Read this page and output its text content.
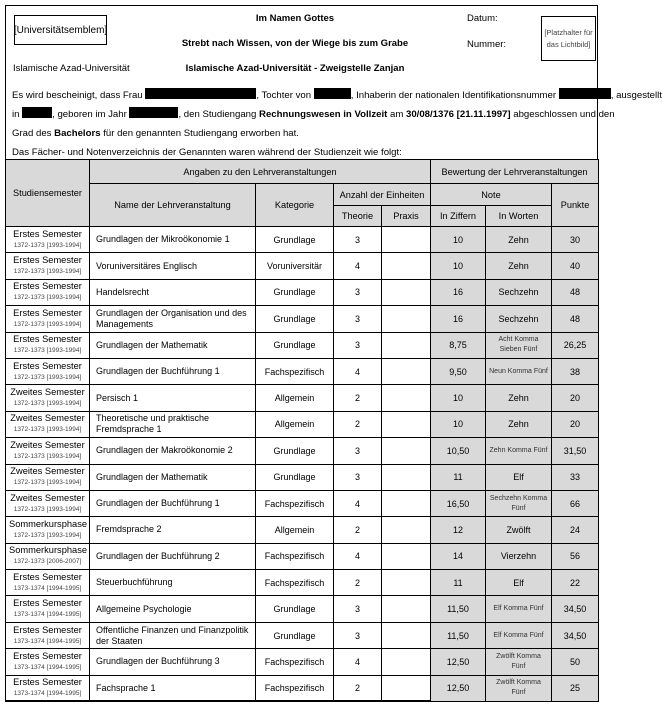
[Universitätsemblem]
Islamische Azad-Universität
Im Namen Gottes
Strebt nach Wissen, von der Wiege bis zum Grabe
Islamische Azad-Universität - Zweigstelle Zanjan
Datum:
Nummer:
[Platzhalter für das Lichtbild]
Es wird bescheinigt, dass Frau	, Tochter von	, Inhaberin der nationalen Identifikationsnummer	, ausgestellt
in	, geboren im Jahr	, den Studiengang Rechnungswesen in Vollzeit am 30/08/1376 [21.11.1997] abgeschlossen und den
Grad des Bachelors für den genannten Studiengang erworben hat.
Das Fächer- und Notenverzeichnis der Genannten waren während der Studienzeit wie folgt:
Studiensemester	Angaben zu den Lehrveranstaltungen				Bewertung der Lehrveranstaltungen		
	Name der Lehrveranstaltung	Kategorie	Anzahl der Einheiten		Note		Punkte
			Theorie	Praxis	In Ziffern	In Worten	

Erstes Semester
1372-1373 [1993-1994]	Grundlagen der Mikroökonomie 1	Grundlage	3		10	Zehn	30

Erstes Semester
1372-1373 [1993-1994]	Voruniversitäres Englisch	Voruniversitär	4		10	Zehn	40

Erstes Semester
1372-1373 [1993-1994]	Handelsrecht	Grundlage	3		16	Sechzehn	48

Erstes Semester
1372-1373 [1993-1994]	Grundlagen der Organisation und des Managements	Grundlage	3		16	Sechzehn	48

Erstes Semester
1372-1373 [1993-1994]	Grundlagen der Mathematik	Grundlage	3		8,75	Acht Komma Sieben Fünf	26,25

Erstes Semester
1372-1373 [1993-1994]	Grundlagen der Buchführung 1	Fachspezifisch	4		9,50	Neun Komma Fünf	38

Zweites Semester
1372-1373 [1993-1994]	Persisch 1	Allgemein	2		10	Zehn	20

Zweites Semester
1372-1373 [1993-1994]	Theoretische und praktische Fremdsprache 1	Allgemein	2		10	Zehn	20

Zweites Semester
1372-1373 [1993-1994]	Grundlagen der Makroökonomie 2	Grundlage	3		10,50	Zehn Komma Fünf	31,50

Zweites Semester
1372-1373 [1993-1994]	Grundlagen der Mathematik	Grundlage	3		11	Elf	33

Zweites Semester
1372-1373 [1993-1994]	Grundlagen der Buchführung 1	Fachspezifisch	4		16,50	Sechzehn Komma Fünf	66

Sommerkursphase
1372-1373 [1993-1994]	Fremdsprache 2	Allgemein	2		12	Zwölft	24

Sommerkursphase
1372-1373 [2006-2007]	Grundlagen der Buchführung 2	Fachspezifisch	4		14	Vierzehn	56

Erstes Semester
1373-1374 [1994-1995]	Steuerbuchführung	Fachspezifisch	2		11	Elf	22

Erstes Semester
1373-1374 [1994-1995]	Allgemeine Psychologie	Grundlage	3		11,50	Elf Komma Fünf	34,50

Erstes Semester
1373-1374 [1994-1995]	Offentliche Finanzen und Finanzpolitik der Staaten	Grundlage	3		11,50	Elf Komma Fünf	34,50

Erstes Semester
1373-1374 [1994-1995]	Grundlagen der Buchführung 3	Fachspezifisch	4		12,50	Zwölft Komma Fünf	50

Erstes Semester
1373-1374 [1994-1995]	Fachsprache 1	Fachspezifisch	2		12,50	Zwölft Komma Fünf	25
